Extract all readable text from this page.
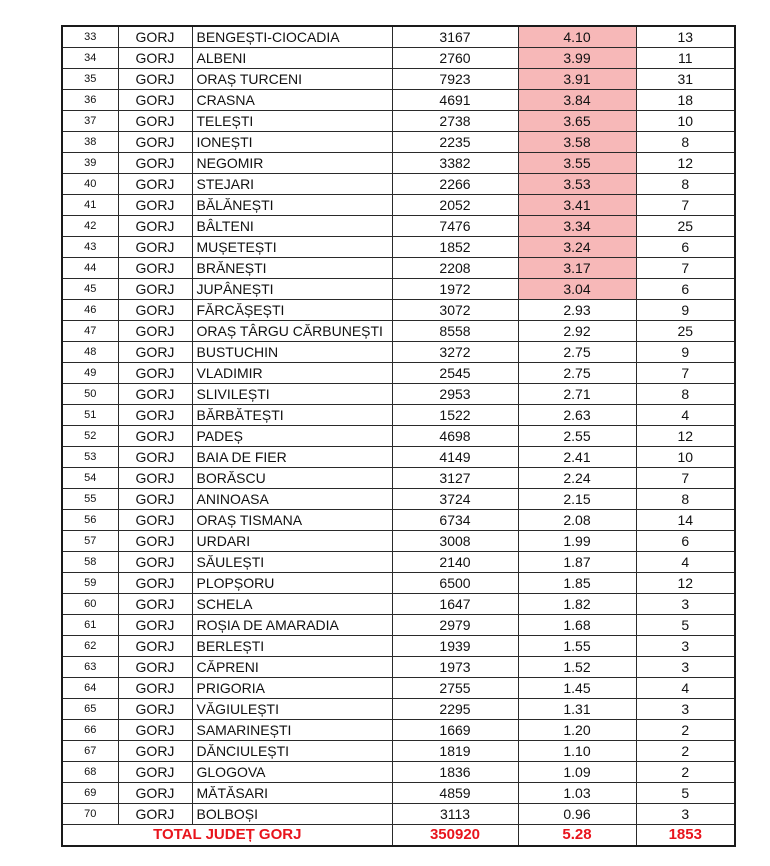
33	GORJ	BENGEȘTI-CIOCADIA	3167	4.10	13
34	GORJ	ALBENI	2760	3.99	11
35	GORJ	ORAȘ TURCENI	7923	3.91	31
36	GORJ	CRASNA	4691	3.84	18
37	GORJ	TELEȘTI	2738	3.65	10
38	GORJ	IONEȘTI	2235	3.58	8
39	GORJ	NEGOMIR	3382	3.55	12
40	GORJ	STEJARI	2266	3.53	8
41	GORJ	BĂLĂNEȘTI	2052	3.41	7
42	GORJ	BÂLTENI	7476	3.34	25
43	GORJ	MUȘETEȘTI	1852	3.24	6
44	GORJ	BRĂNEȘTI	2208	3.17	7
45	GORJ	JUPÂNEȘTI	1972	3.04	6
46	GORJ	FĂRCĂȘEȘTI	3072	2.93	9
47	GORJ	ORAȘ TÂRGU CĂRBUNEȘTI	8558	2.92	25
48	GORJ	BUSTUCHIN	3272	2.75	9
49	GORJ	VLADIMIR	2545	2.75	7
50	GORJ	SLIVILEȘTI	2953	2.71	8
51	GORJ	BĂRBĂTEȘTI	1522	2.63	4
52	GORJ	PADEȘ	4698	2.55	12
53	GORJ	BAIA DE FIER	4149	2.41	10
54	GORJ	BORĂSCU	3127	2.24	7
55	GORJ	ANINOASA	3724	2.15	8
56	GORJ	ORAȘ TISMANA	6734	2.08	14
57	GORJ	URDARI	3008	1.99	6
58	GORJ	SĂULEȘTI	2140	1.87	4
59	GORJ	PLOPȘORU	6500	1.85	12
60	GORJ	SCHELA	1647	1.82	3
61	GORJ	ROȘIA DE AMARADIA	2979	1.68	5
62	GORJ	BERLEȘTI	1939	1.55	3
63	GORJ	CĂPRENI	1973	1.52	3
64	GORJ	PRIGORIA	2755	1.45	4
65	GORJ	VĂGIULEȘTI	2295	1.31	3
66	GORJ	SAMARINEȘTI	1669	1.20	2
67	GORJ	DĂNCIULEȘTI	1819	1.10	2
68	GORJ	GLOGOVA	1836	1.09	2
69	GORJ	MĂTĂSARI	4859	1.03	5
70	GORJ	BOLBOȘI	3113	0.96	3
TOTAL JUDEȚ GORJ			350920	5.28	1853
